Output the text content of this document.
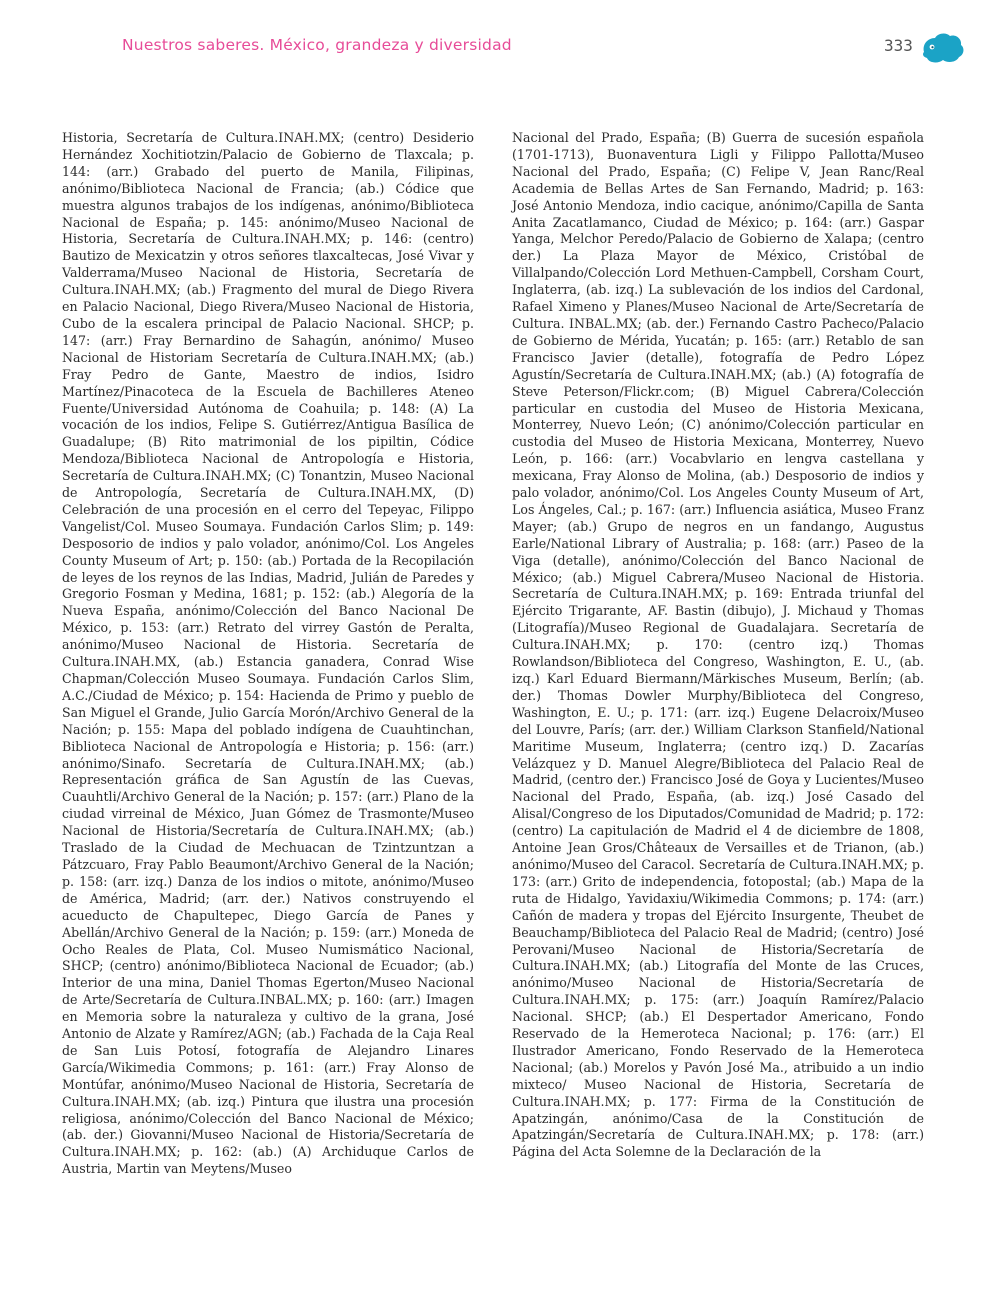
Nuestros saberes. México, grandeza y diversidad	333

Historia, Secretaría de Cultura.INAH.MX; (centro) Desiderio Hernández Xochitiotzin/Palacio de Gobierno de Tlaxcala; p. 144: (arr.) Grabado del puerto de Manila, Filipinas, anónimo/Biblioteca Nacional de Francia; (ab.) Códice que muestra algunos trabajos de los indígenas, anónimo/Biblioteca Nacional de España; p. 145: anónimo/Museo Nacional de Historia, Secretaría de Cultura.INAH.MX; p. 146: (centro) Bautizo de Mexicatzin y otros señores tlaxcaltecas, José Vivar y Valderrama/Museo Nacional de Historia, Secretaría de Cultura.INAH.MX; (ab.) Fragmento del mural de Diego Rivera en Palacio Nacional, Diego Rivera/Museo Nacional de Historia, Cubo de la escalera principal de Palacio Nacional. SHCP; p. 147: (arr.) Fray Bernardino de Sahagún, anónimo/ Museo Nacional de Historiam Secretaría de Cultura.INAH.MX; (ab.) Fray Pedro de Gante, Maestro de indios, Isidro Martínez/Pinacoteca de la Escuela de Bachilleres Ateneo Fuente/Universidad Autónoma de Coahuila; p. 148: (A) La vocación de los indios, Felipe S. Gutiérrez/Antigua Basílica de Guadalupe; (B) Rito matrimonial de los pipiltin, Códice Mendoza/Biblioteca Nacional de Antropología e Historia, Secretaría de Cultura.INAH.MX; (C) Tonantzin, Museo Nacional de Antropología, Secretaría de Cultura.INAH.MX, (D) Celebración de una procesión en el cerro del Tepeyac, Filippo Vangelist/Col. Museo Soumaya. Fundación Carlos Slim; p. 149: Desposorio de indios y palo volador, anónimo/Col. Los Angeles County Museum of Art; p. 150: (ab.) Portada de la Recopilación de leyes de los reynos de las Indias, Madrid, Julián de Paredes y Gregorio Fosman y Medina, 1681; p. 152: (ab.) Alegoría de la Nueva España, anónimo/Colección del Banco Nacional De México, p. 153: (arr.) Retrato del virrey Gastón de Peralta, anónimo/Museo Nacional de Historia. Secretaría de Cultura.INAH.MX, (ab.) Estancia ganadera, Conrad Wise Chapman/Colección Museo Soumaya. Fundación Carlos Slim, A.C./Ciudad de México; p. 154: Hacienda de Primo y pueblo de San Miguel el Grande, Julio García Morón/Archivo General de la Nación; p. 155: Mapa del poblado indígena de Cuauhtinchan, Biblioteca Nacional de Antropología e Historia; p. 156: (arr.) anónimo/Sinafo. Secretaría de Cultura.INAH.MX; (ab.) Representación gráfica de San Agustín de las Cuevas, Cuauhtli/Archivo General de la Nación; p. 157: (arr.) Plano de la ciudad virreinal de México, Juan Gómez de Trasmonte/Museo Nacional de Historia/Secretaría de Cultura.INAH.MX; (ab.) Traslado de la Ciudad de Mechuacan de Tzintzuntzan a Pátzcuaro, Fray Pablo Beaumont/Archivo General de la Nación; p. 158: (arr. izq.) Danza de los indios o mitote, anónimo/Museo de América, Madrid; (arr. der.) Nativos construyendo el acueducto de Chapultepec, Diego García de Panes y Abellán/Archivo General de la Nación; p. 159: (arr.) Moneda de Ocho Reales de Plata, Col. Museo Numismático Nacional, SHCP; (centro) anónimo/Biblioteca Nacional de Ecuador; (ab.) Interior de una mina, Daniel Thomas Egerton/Museo Nacional de Arte/Secretaría de Cultura.INBAL.MX; p. 160: (arr.) Imagen en Memoria sobre la naturaleza y cultivo de la grana, José Antonio de Alzate y Ramírez/AGN; (ab.) Fachada de la Caja Real de San Luis Potosí, fotografía de Alejandro Linares García/Wikimedia Commons; p. 161: (arr.) Fray Alonso de Montúfar, anónimo/Museo Nacional de Historia, Secretaría de Cultura.INAH.MX; (ab. izq.) Pintura que ilustra una procesión religiosa, anónimo/Colección del Banco Nacional de México; (ab. der.) Giovanni/Museo Nacional de Historia/Secretaría de Cultura.INAH.MX; p. 162: (ab.) (A) Archiduque Carlos de Austria, Martin van Meytens/Museo

Nacional del Prado, España; (B) Guerra de sucesión española (1701-1713), Buonaventura Ligli y Filippo Pallotta/Museo Nacional del Prado, España; (C) Felipe V, Jean Ranc/Real Academia de Bellas Artes de San Fernando, Madrid; p. 163: José Antonio Mendoza, indio cacique, anónimo/Capilla de Santa Anita Zacatlamanco, Ciudad de México; p. 164: (arr.) Gaspar Yanga, Melchor Peredo/Palacio de Gobierno de Xalapa; (centro der.) La Plaza Mayor de México, Cristóbal de Villalpando/Colección Lord Methuen-Campbell, Corsham Court, Inglaterra, (ab. izq.) La sublevación de los indios del Cardonal, Rafael Ximeno y Planes/Museo Nacional de Arte/Secretaría de Cultura. INBAL.MX; (ab. der.) Fernando Castro Pacheco/Palacio de Gobierno de Mérida, Yucatán; p. 165: (arr.) Retablo de san Francisco Javier (detalle), fotografía de Pedro López Agustín/Secretaría de Cultura.INAH.MX; (ab.) (A) fotografía de Steve Peterson/Flickr.com; (B) Miguel Cabrera/Colección particular en custodia del Museo de Historia Mexicana, Monterrey, Nuevo León; (C) anónimo/Colección particular en custodia del Museo de Historia Mexicana, Monterrey, Nuevo León, p. 166: (arr.) Vocabvlario en lengva castellana y mexicana, Fray Alonso de Molina, (ab.) Desposorio de indios y palo volador, anónimo/Col. Los Angeles County Museum of Art, Los Ángeles, Cal.; p. 167: (arr.) Influencia asiática, Museo Franz Mayer; (ab.) Grupo de negros en un fandango, Augustus Earle/National Library of Australia; p. 168: (arr.) Paseo de la Viga (detalle), anónimo/Colección del Banco Nacional de México; (ab.) Miguel Cabrera/Museo Nacional de Historia. Secretaría de Cultura.INAH.MX; p. 169: Entrada triunfal del Ejército Trigarante, AF. Bastin (dibujo), J. Michaud y Thomas (Litografía)/Museo Regional de Guadalajara. Secretaría de Cultura.INAH.MX; p. 170: (centro izq.) Thomas Rowlandson/Biblioteca del Congreso, Washington, E. U., (ab. izq.) Karl Eduard Biermann/Märkisches Museum, Berlín; (ab. der.) Thomas Dowler Murphy/Biblioteca del Congreso, Washington, E. U.; p. 171: (arr. izq.) Eugene Delacroix/Museo del Louvre, París; (arr. der.) William Clarkson Stanfield/National Maritime Museum, Inglaterra; (centro izq.) D. Zacarías Velázquez y D. Manuel Alegre/Biblioteca del Palacio Real de Madrid, (centro der.) Francisco José de Goya y Lucientes/Museo Nacional del Prado, España, (ab. izq.) José Casado del Alisal/Congreso de los Diputados/Comunidad de Madrid; p. 172: (centro) La capitulación de Madrid el 4 de diciembre de 1808, Antoine Jean Gros/Châteaux de Versailles et de Trianon, (ab.) anónimo/Museo del Caracol. Secretaría de Cultura.INAH.MX; p. 173: (arr.) Grito de independencia, fotopostal; (ab.) Mapa de la ruta de Hidalgo, Yavidaxiu/Wikimedia Commons; p. 174: (arr.) Cañón de madera y tropas del Ejército Insurgente, Theubet de Beauchamp/Biblioteca del Palacio Real de Madrid; (centro) José Perovani/Museo Nacional de Historia/Secretaría de Cultura.INAH.MX; (ab.) Litografía del Monte de las Cruces, anónimo/Museo Nacional de Historia/Secretaría de Cultura.INAH.MX; p. 175: (arr.) Joaquín Ramírez/Palacio Nacional. SHCP; (ab.) El Despertador Americano, Fondo Reservado de la Hemeroteca Nacional; p. 176: (arr.) El Ilustrador Americano, Fondo Reservado de la Hemeroteca Nacional; (ab.) Morelos y Pavón José Ma., atribuido a un indio mixteco/ Museo Nacional de Historia, Secretaría de Cultura.INAH.MX; p. 177: Firma de la Constitución de Apatzingán, anónimo/Casa de la Constitución de Apatzingán/Secretaría de Cultura.INAH.MX; p. 178: (arr.) Página del Acta Solemne de la Declaración de la
